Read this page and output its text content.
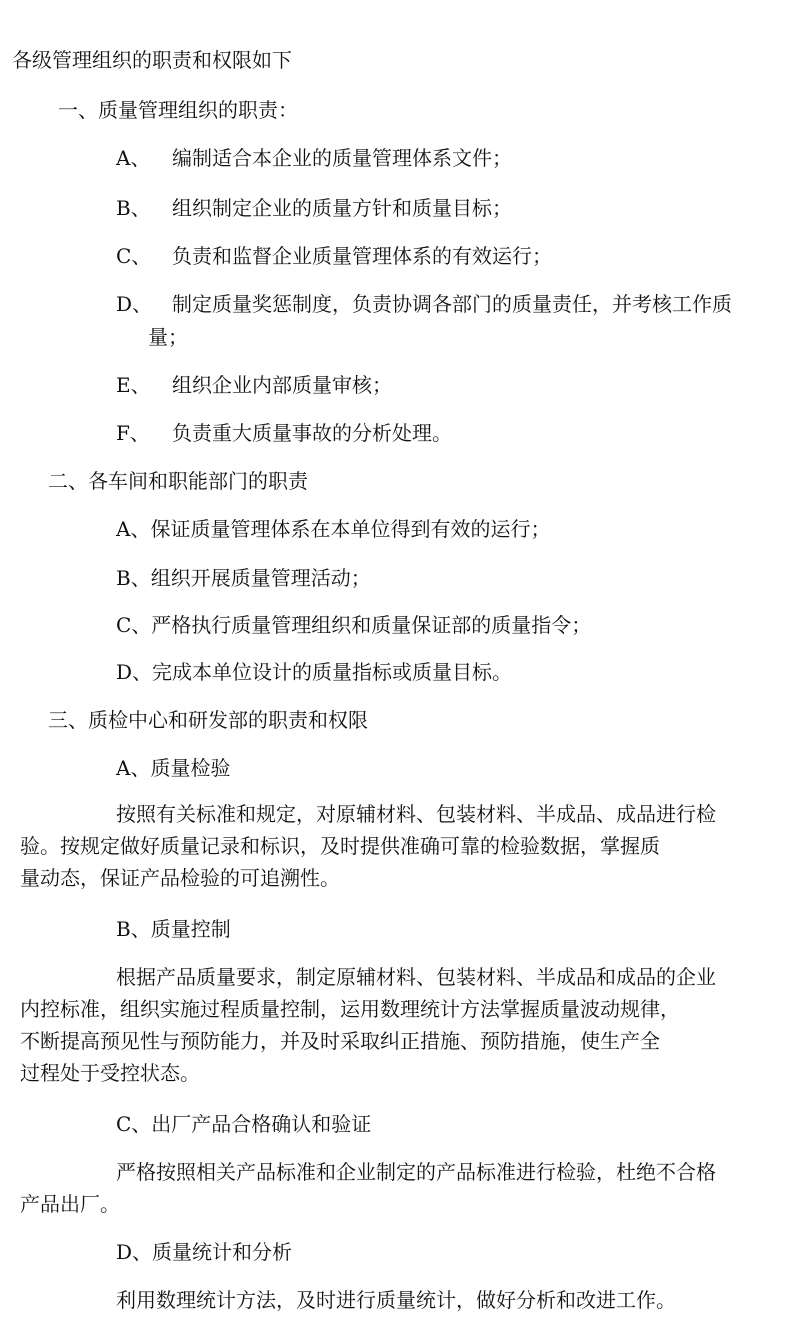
各级管理组织的职责和权限如下

一、质量管理组织的职责：

A、 编制适合本企业的质量管理体系文件；

B、 组织制定企业的质量方针和质量目标；

C、 负责和监督企业质量管理体系的有效运行；

D、 制定质量奖惩制度，负责协调各部门的质量责任，并考核工作质

量；

E、 组织企业内部质量审核；

F、 负责重大质量事故的分析处理。

二、各车间和职能部门的职责

A、保证质量管理体系在本单位得到有效的运行；

B、组织开展质量管理活动；

C、严格执行质量管理组织和质量保证部的质量指令；

D、完成本单位设计的质量指标或质量目标。

三、质检中心和研发部的职责和权限

A、质量检验

按照有关标准和规定，对原辅材料、包装材料、半成品、成品进行检

验。按规定做好质量记录和标识，及时提供准确可靠的检验数据，掌握质

量动态，保证产品检验的可追溯性。

B、质量控制

根据产品质量要求，制定原辅材料、包装材料、半成品和成品的企业

内控标准，组织实施过程质量控制，运用数理统计方法掌握质量波动规律，

不断提高预见性与预防能力，并及时采取纠正措施、预防措施，使生产全

过程处于受控状态。

C、出厂产品合格确认和验证

严格按照相关产品标准和企业制定的产品标准进行检验，杜绝不合格

产品出厂。

D、质量统计和分析

利用数理统计方法，及时进行质量统计，做好分析和改进工作。
